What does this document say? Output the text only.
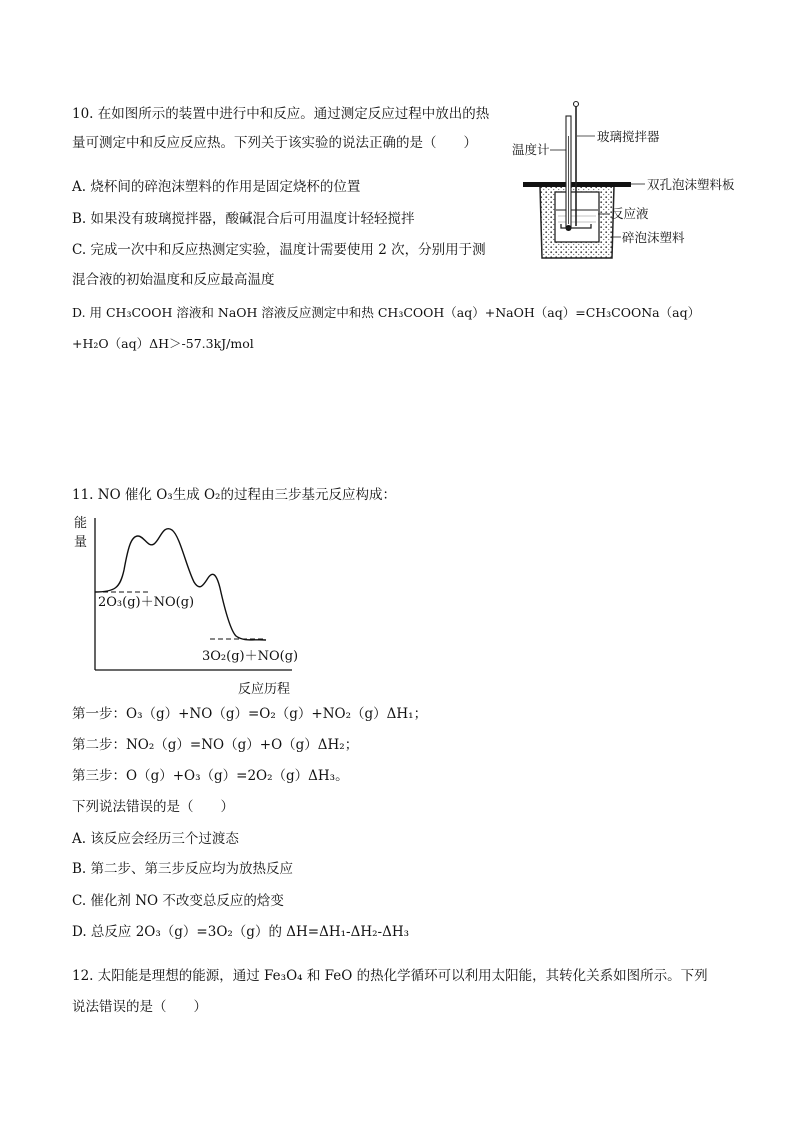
10. 在如图所示的装置中进行中和反应。通过测定反应过程中放出的热
量可测定中和反应反应热。下列关于该实验的说法正确的是（　　）
A. 烧杯间的碎泡沫塑料的作用是固定烧杯的位置
B. 如果没有玻璃搅拌器，酸碱混合后可用温度计轻轻搅拌
C. 完成一次中和反应热测定实验，温度计需要使用 2 次，分别用于测
混合液的初始温度和反应最高温度
D. 用 CH₃COOH 溶液和 NaOH 溶液反应测定中和热 CH₃COOH（aq）+NaOH（aq）=CH₃COONa（aq）
+H₂O（aq）ΔH＞-57.3kJ/mol
玻璃搅拌器
温度计
双孔泡沫塑料板
反应液
碎泡沫塑料
11. NO 催化 O₃生成 O₂的过程由三步基元反应构成：
能
量
反应历程
2O₃(g)＋NO(g)
3O₂(g)＋NO(g)
第一步：O₃（g）+NO（g）=O₂（g）+NO₂（g）ΔH₁；
第二步：NO₂（g）=NO（g）+O（g）ΔH₂；
第三步：O（g）+O₃（g）=2O₂（g）ΔH₃。
下列说法错误的是（　　）
A. 该反应会经历三个过渡态
B. 第二步、第三步反应均为放热反应
C. 催化剂 NO 不改变总反应的焓变
D. 总反应 2O₃（g）=3O₂（g）的 ΔH=ΔH₁-ΔH₂-ΔH₃
12. 太阳能是理想的能源，通过 Fe₃O₄ 和 FeO 的热化学循环可以利用太阳能，其转化关系如图所示。下列
说法错误的是（　　）
